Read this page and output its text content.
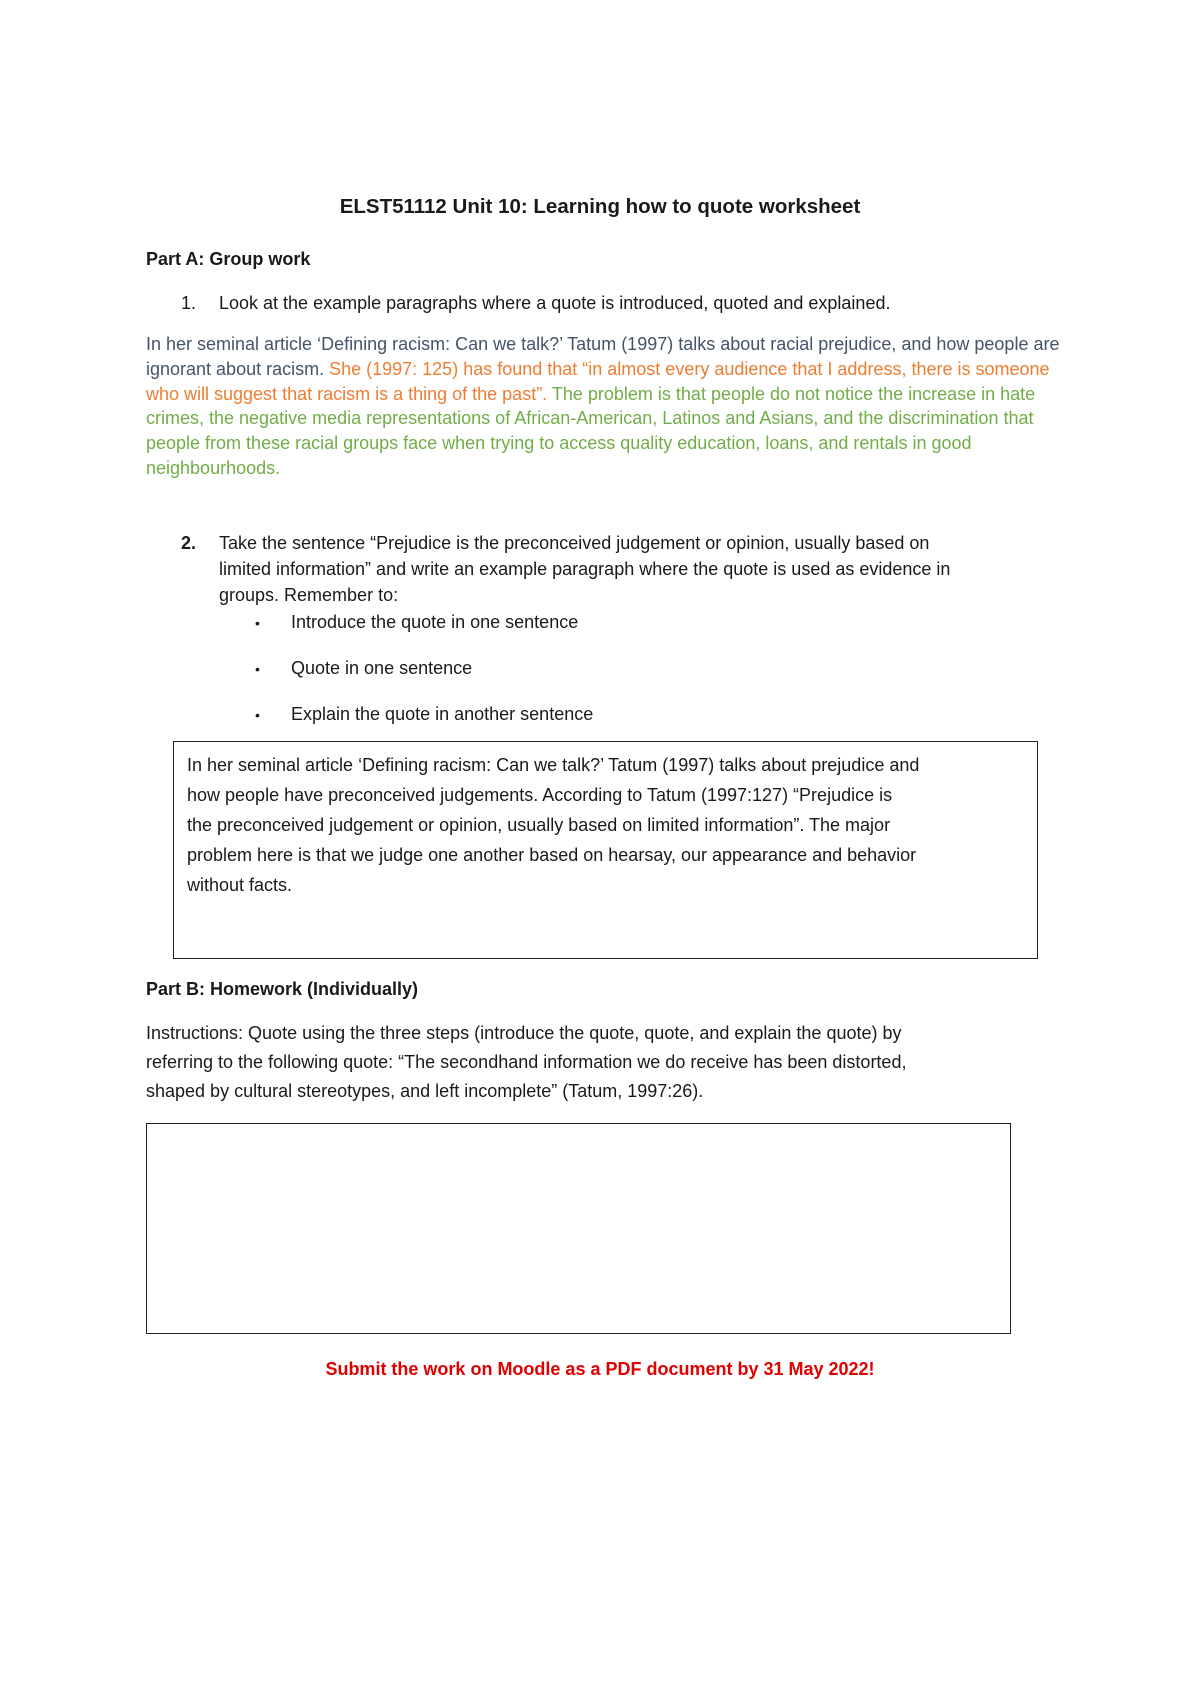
ELST51112 Unit 10: Learning how to quote worksheet
Part A: Group work
1.	Look at the example paragraphs where a quote is introduced, quoted and explained.
In her seminal article ‘Defining racism: Can we talk?’ Tatum (1997) talks about racial prejudice, and how people are ignorant about racism. She (1997: 125) has found that “in almost every audience that I address, there is someone who will suggest that racism is a thing of the past”. The problem is that people do not notice the increase in hate crimes, the negative media representations of African-American, Latinos and Asians, and the discrimination that people from these racial groups face when trying to access quality education, loans, and rentals in good neighbourhoods.
2.	Take the sentence “Prejudice is the preconceived judgement or opinion, usually based on
limited information” and write an example paragraph where the quote is used as evidence in
groups. Remember to:
• Introduce the quote in one sentence
• Quote in one sentence
• Explain the quote in another sentence
In her seminal article ‘Defining racism: Can we talk?’ Tatum (1997) talks about prejudice and
how people have preconceived judgements. According to Tatum (1997:127) “Prejudice is
the preconceived judgement or opinion, usually based on limited information”. The major
problem here is that we judge one another based on hearsay, our appearance and behavior
without facts.
Part B: Homework (Individually)
Instructions: Quote using the three steps (introduce the quote, quote, and explain the quote) by
referring to the following quote: “The secondhand information we do receive has been distorted,
shaped by cultural stereotypes, and left incomplete” (Tatum, 1997:26).
Submit the work on Moodle as a PDF document by 31 May 2022!
